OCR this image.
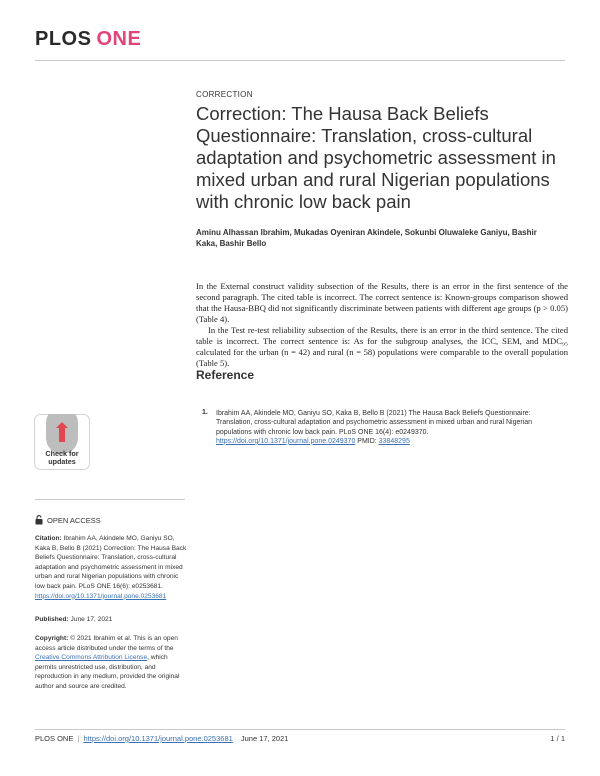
PLOS ONE
CORRECTION
Correction: The Hausa Back Beliefs Questionnaire: Translation, cross-cultural adaptation and psychometric assessment in mixed urban and rural Nigerian populations with chronic low back pain
Aminu Alhassan Ibrahim, Mukadas Oyeniran Akindele, Sokunbi Oluwaleke Ganiyu, Bashir Kaka, Bashir Bello

In the External construct validity subsection of the Results, there is an error in the first sentence of the second paragraph. The cited table is incorrect. The correct sentence is: Known-groups comparison showed that the Hausa-BBQ did not significantly discriminate between patients with different age groups (p > 0.05) (Table 4).

In the Test re-test reliability subsection of the Results, there is an error in the third sentence. The cited table is incorrect. The correct sentence is: As for the subgroup analyses, the ICC, SEM, and MDC₉₅ calculated for the urban (n = 42) and rural (n = 58) populations were comparable to the overall population (Table 5).

Reference
1. Ibrahim AA, Akindele MO, Ganiyu SO, Kaka B, Bello B (2021) The Hausa Back Beliefs Questionnaire: Translation, cross-cultural adaptation and psychometric assessment in mixed urban and rural Nigerian populations with chronic low back pain. PLoS ONE 16(4): e0249370. https://doi.org/10.1371/journal.pone.0249370 PMID: 33848295
Check for
updates
OPEN ACCESS
Citation: Ibrahim AA, Akindele MO, Ganiyu SO, Kaka B, Bello B (2021) Correction: The Hausa Back Beliefs Questionnaire: Translation, cross-cultural adaptation and psychometric assessment in mixed urban and rural Nigerian populations with chronic low back pain. PLoS ONE 16(6): e0253681. https://doi.org/10.1371/journal.pone.0253681
Published: June 17, 2021
Copyright: © 2021 Ibrahim et al. This is an open access article distributed under the terms of the Creative Commons Attribution License, which permits unrestricted use, distribution, and reproduction in any medium, provided the original author and source are credited.
PLOS ONE | https://doi.org/10.1371/journal.pone.0253681 June 17, 2021	1 / 1
